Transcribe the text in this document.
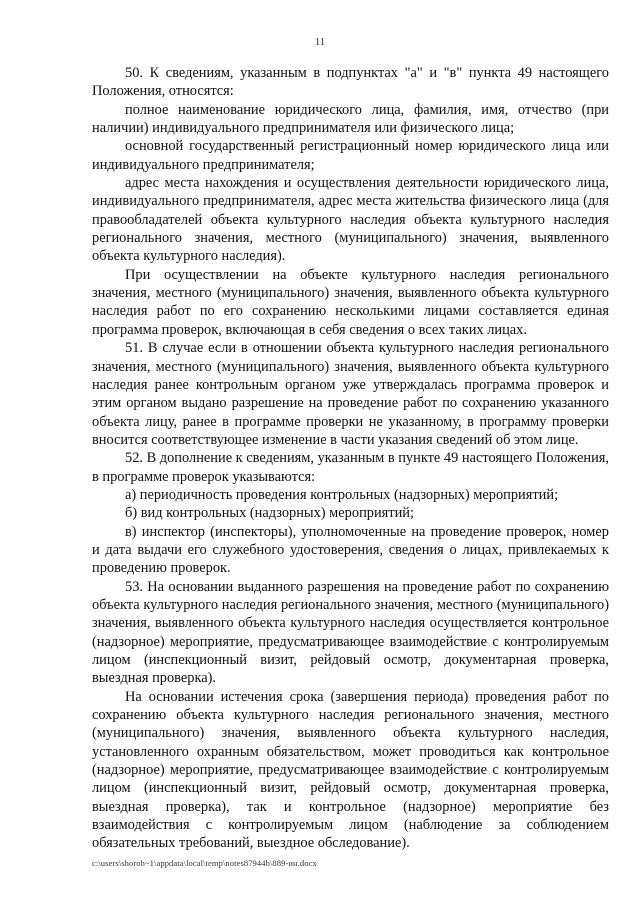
11

50. К сведениям, указанным в подпунктах "а" и "в" пункта 49 настоящего Положения, относятся:

полное наименование юридического лица, фамилия, имя, отчество (при наличии) индивидуального предпринимателя или физического лица;

основной государственный регистрационный номер юридического лица или индивидуального предпринимателя;

адрес места нахождения и осуществления деятельности юридического лица, индивидуального предпринимателя, адрес места жительства физического лица (для правообладателей объекта культурного наследия объекта культурного наследия регионального значения, местного (муниципального) значения, выявленного объекта культурного наследия).

При осуществлении на объекте культурного наследия регионального значения, местного (муниципального) значения, выявленного объекта культурного наследия работ по его сохранению несколькими лицами составляется единая программа проверок, включающая в себя сведения о всех таких лицах.

51. В случае если в отношении объекта культурного наследия регионального значения, местного (муниципального) значения, выявленного объекта культурного наследия ранее контрольным органом уже утверждалась программа проверок и этим органом выдано разрешение на проведение работ по сохранению указанного объекта лицу, ранее в программе проверки не указанному, в программу проверки вносится соответствующее изменение в части указания сведений об этом лице.

52. В дополнение к сведениям, указанным в пункте 49 настоящего Положения, в программе проверок указываются:

а) периодичность проведения контрольных (надзорных) мероприятий;

б) вид контрольных (надзорных) мероприятий;

в) инспектор (инспекторы), уполномоченные на проведение проверок, номер и дата выдачи его служебного удостоверения, сведения о лицах, привлекаемых к проведению проверок.

53. На основании выданного разрешения на проведение работ по сохранению объекта культурного наследия регионального значения, местного (муниципального) значения, выявленного объекта культурного наследия осуществляется контрольное (надзорное) мероприятие, предусматривающее взаимодействие с контролируемым лицом (инспекционный визит, рейдовый осмотр, документарная проверка, выездная проверка).

На основании истечения срока (завершения периода) проведения работ по сохранению объекта культурного наследия регионального значения, местного (муниципального) значения, выявленного объекта культурного наследия, установленного охранным обязательством, может проводиться как контрольное (надзорное) мероприятие, предусматривающее взаимодействие с контролируемым лицом (инспекционный визит, рейдовый осмотр, документарная проверка, выездная проверка), так и контрольное (надзорное) мероприятие без взаимодействия с контролируемым лицом (наблюдение за соблюдением обязательных требований, выездное обследование).

c:\users\shoroh~1\appdata\local\temp\notes87944b\889-ин.docx
